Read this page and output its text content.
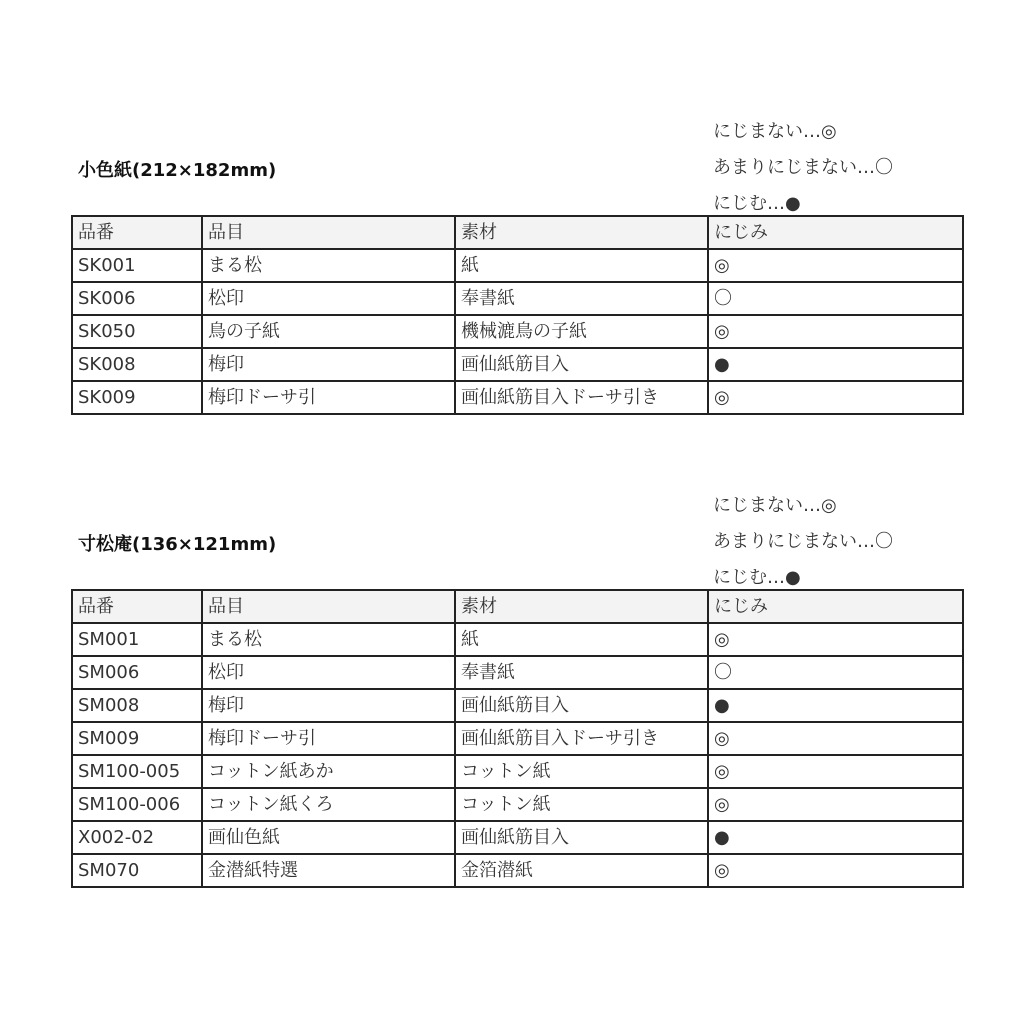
小色紙(212×182mm)
にじまない…◎
あまりにじまない…〇
にじむ…●
品番	品目	素材	にじみ
SK001	まる松	紙	◎
SK006	松印	奉書紙	〇
SK050	鳥の子紙	機械漉鳥の子紙	◎
SK008	梅印	画仙紙筋目入	●
SK009	梅印ドーサ引	画仙紙筋目入ドーサ引き	◎
寸松庵(136×121mm)
にじまない…◎
あまりにじまない…〇
にじむ…●
品番	品目	素材	にじみ
SM001	まる松	紙	◎
SM006	松印	奉書紙	〇
SM008	梅印	画仙紙筋目入	●
SM009	梅印ドーサ引	画仙紙筋目入ドーサ引き	◎
SM100-005	コットン紙あか	コットン紙	◎
SM100-006	コットン紙くろ	コットン紙	◎
X002-02	画仙色紙	画仙紙筋目入	●
SM070	金潜紙特選	金箔潜紙	◎
